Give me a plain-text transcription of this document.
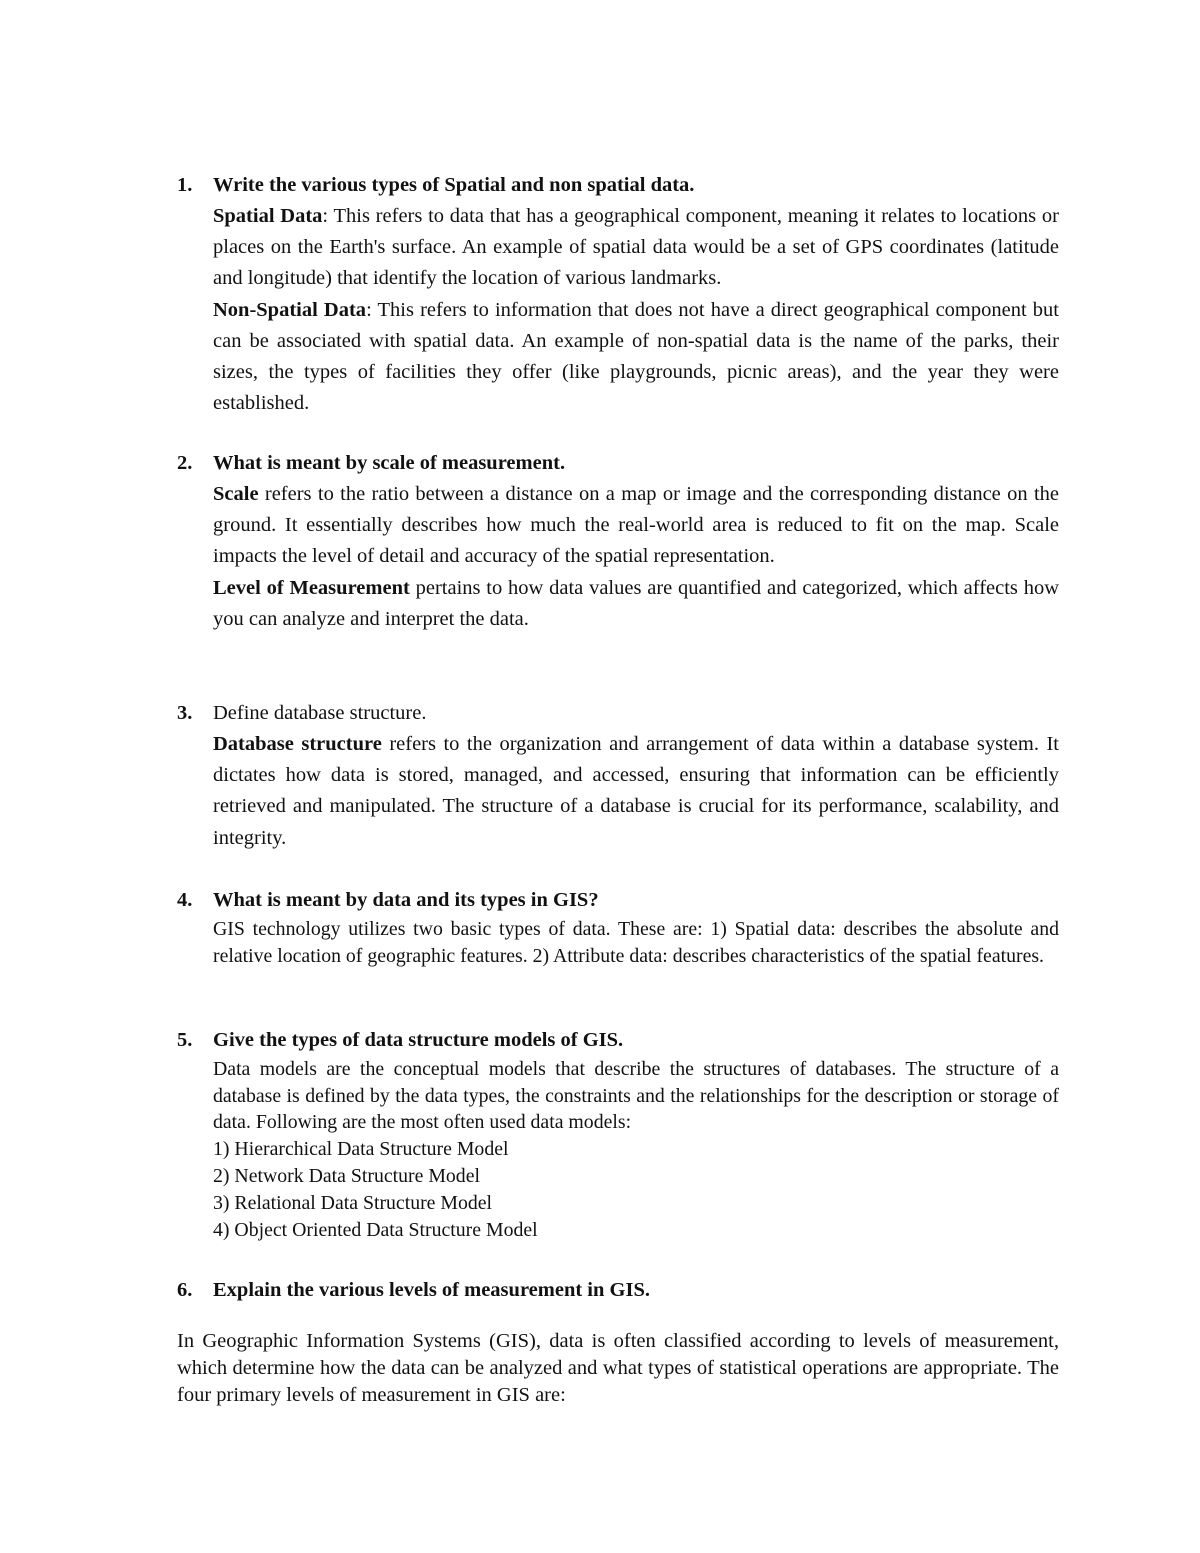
1. Write the various types of Spatial and non spatial data.
Spatial Data: This refers to data that has a geographical component, meaning it relates to locations or places on the Earth's surface. An example of spatial data would be a set of GPS coordinates (latitude and longitude) that identify the location of various landmarks.
Non-Spatial Data: This refers to information that does not have a direct geographical component but can be associated with spatial data. An example of non-spatial data is the name of the parks, their sizes, the types of facilities they offer (like playgrounds, picnic areas), and the year they were established.
2. What is meant by scale of measurement.
Scale refers to the ratio between a distance on a map or image and the corresponding distance on the ground. It essentially describes how much the real-world area is reduced to fit on the map. Scale impacts the level of detail and accuracy of the spatial representation.
Level of Measurement pertains to how data values are quantified and categorized, which affects how you can analyze and interpret the data.
3. Define database structure.
Database structure refers to the organization and arrangement of data within a database system. It dictates how data is stored, managed, and accessed, ensuring that information can be efficiently retrieved and manipulated. The structure of a database is crucial for its performance, scalability, and integrity.
4. What is meant by data and its types in GIS?
GIS technology utilizes two basic types of data. These are: 1) Spatial data: describes the absolute and relative location of geographic features. 2) Attribute data: describes characteristics of the spatial features.
5. Give the types of data structure models of GIS.
Data models are the conceptual models that describe the structures of databases. The structure of a database is defined by the data types, the constraints and the relationships for the description or storage of data. Following are the most often used data models:
1) Hierarchical Data Structure Model
2) Network Data Structure Model
3) Relational Data Structure Model
4) Object Oriented Data Structure Model
6. Explain the various levels of measurement in GIS.
In Geographic Information Systems (GIS), data is often classified according to levels of measurement, which determine how the data can be analyzed and what types of statistical operations are appropriate. The four primary levels of measurement in GIS are:
